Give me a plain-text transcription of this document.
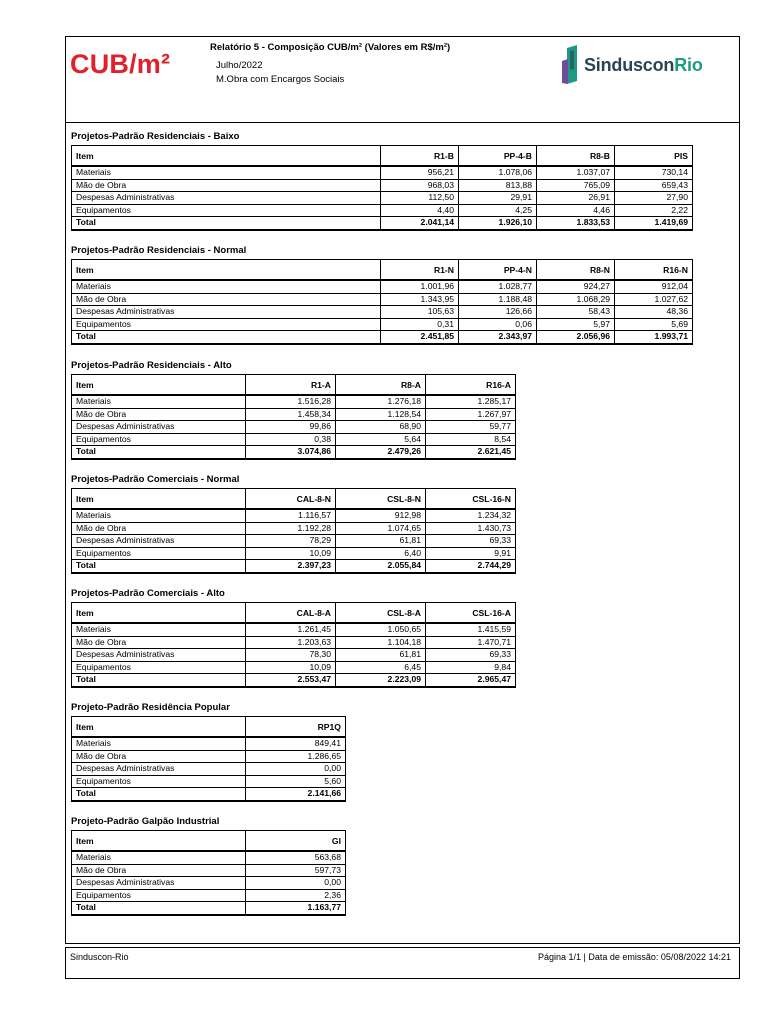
CUB/m²
Relatório 5 - Composição CUB/m² (Valores em R$/m²)
Julho/2022
M.Obra com Encargos Sociais
SindusconRio
Projetos-Padrão Residenciais - Baixo
Item	R1-B	PP-4-B	R8-B	PIS
Materiais	956,21	1.078,06	1.037,07	730,14
Mão de Obra	968,03	813,88	765,09	659,43
Despesas Administrativas	112,50	29,91	26,91	27,90
Equipamentos	4,40	4,25	4,46	2,22
Total	2.041,14	1.926,10	1.833,53	1.419,69
Projetos-Padrão Residenciais - Normal
Item	R1-N	PP-4-N	R8-N	R16-N
Materiais	1.001,96	1.028,77	924,27	912,04
Mão de Obra	1.343,95	1.188,48	1.068,29	1.027,62
Despesas Administrativas	105,63	126,66	58,43	48,36
Equipamentos	0,31	0,06	5,97	5,69
Total	2.451,85	2.343,97	2.056,96	1.993,71
Projetos-Padrão Residenciais - Alto
Item	R1-A	R8-A	R16-A
Materiais	1.516,28	1.276,18	1.285,17
Mão de Obra	1.458,34	1.128,54	1.267,97
Despesas Administrativas	99,86	68,90	59,77
Equipamentos	0,38	5,64	8,54
Total	3.074,86	2.479,26	2.621,45
Projetos-Padrão Comerciais - Normal
Item	CAL-8-N	CSL-8-N	CSL-16-N
Materiais	1.116,57	912,98	1.234,32
Mão de Obra	1.192,28	1.074,65	1.430,73
Despesas Administrativas	78,29	61,81	69,33
Equipamentos	10,09	6,40	9,91
Total	2.397,23	2.055,84	2.744,29
Projetos-Padrão Comerciais - Alto
Item	CAL-8-A	CSL-8-A	CSL-16-A
Materiais	1.261,45	1.050,65	1.415,59
Mão de Obra	1.203,63	1.104,18	1.470,71
Despesas Administrativas	78,30	61,81	69,33
Equipamentos	10,09	6,45	9,84
Total	2.553,47	2.223,09	2.965,47
Projeto-Padrão Residência Popular
Item	RP1Q
Materiais	849,41
Mão de Obra	1.286,65
Despesas Administrativas	0,00
Equipamentos	5,60
Total	2.141,66
Projeto-Padrão Galpão Industrial
Item	GI
Materiais	563,68
Mão de Obra	597,73
Despesas Administrativas	0,00
Equipamentos	2,36
Total	1.163,77
Sinduscon-Rio	Página 1/1 | Data de emissão: 05/08/2022 14:21
